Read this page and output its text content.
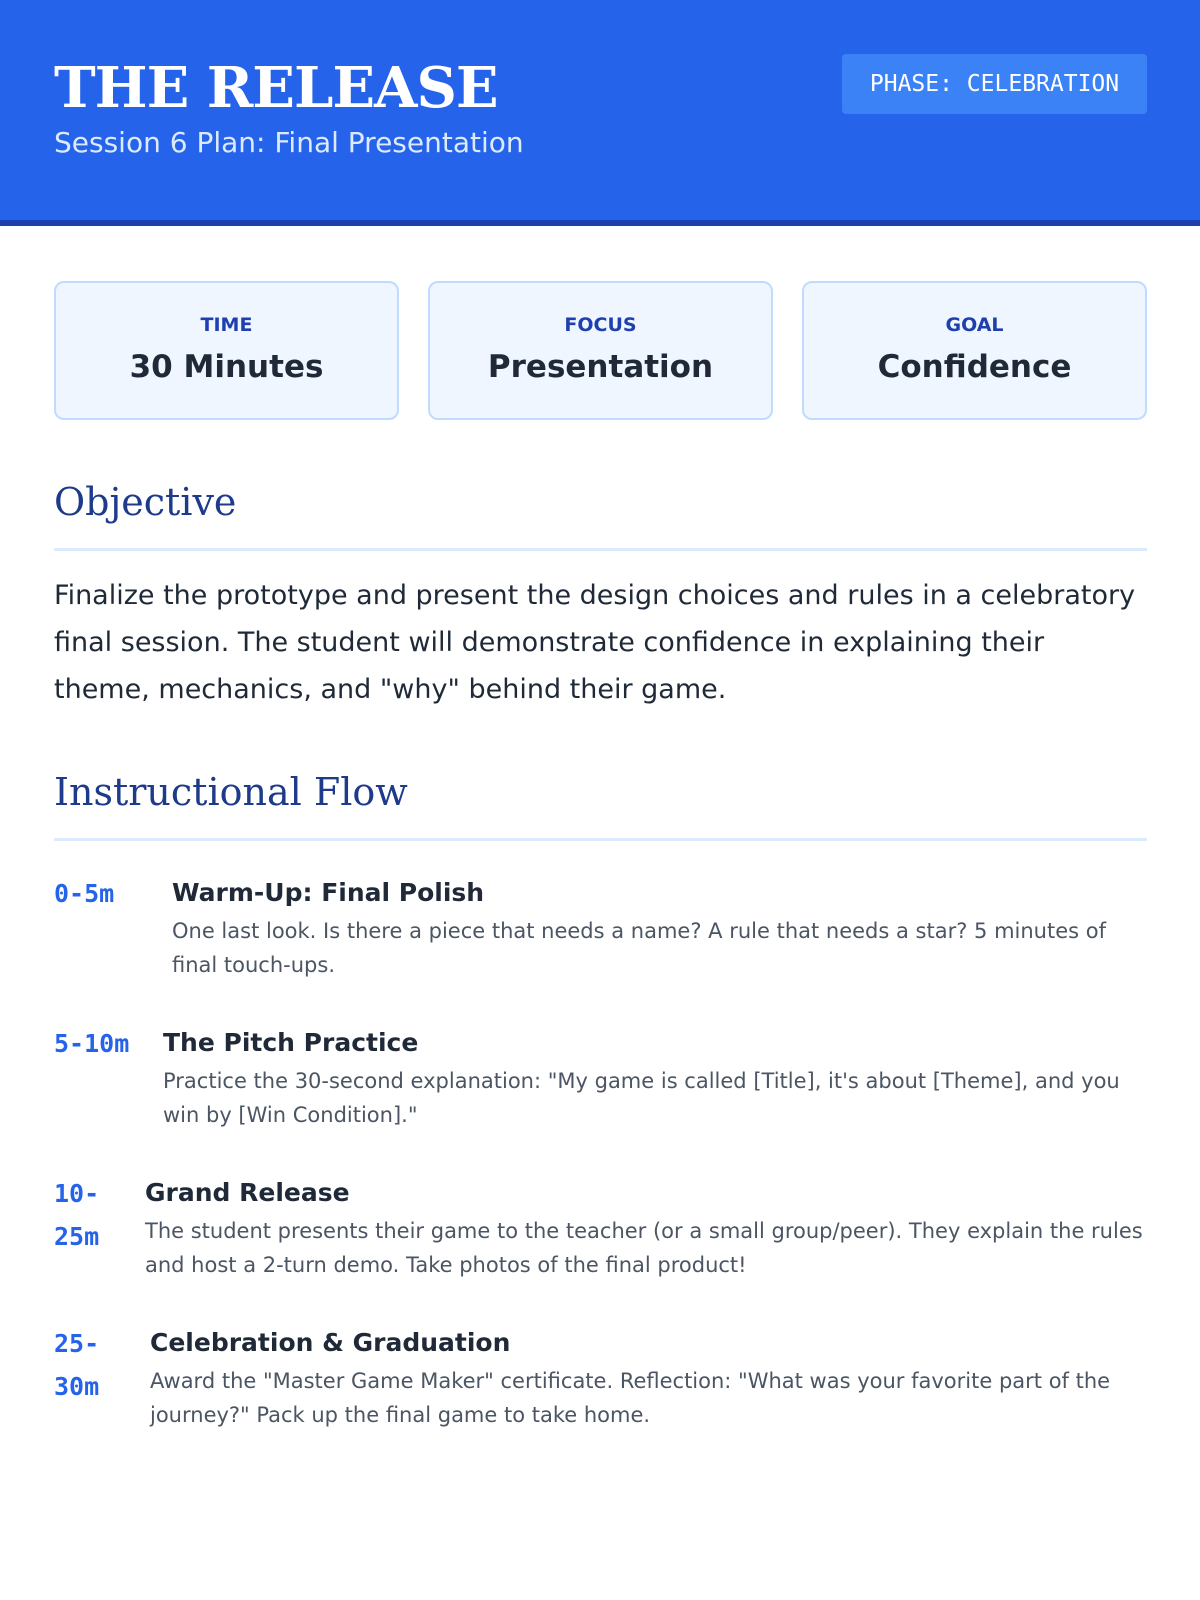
THE RELEASE
Session 6 Plan: Final Presentation
PHASE: CELEBRATION
TIME
30 Minutes
FOCUS
Presentation
GOAL
Confidence
Objective
Finalize the prototype and present the design choices and rules in a celebratory final session. The student will demonstrate confidence in explaining their theme, mechanics, and "why" behind their game.
Instructional Flow
0-5m	Warm-Up: Final Polish
One last look. Is there a piece that needs a name? A rule that needs a star? 5 minutes of final touch-ups.
5-10m	The Pitch Practice
Practice the 30-second explanation: "My game is called [Title], it's about [Theme], and you win by [Win Condition]."
10-25m
Grand Release
The student presents their game to the teacher (or a small group/peer). They explain the rules and host a 2-turn demo. Take photos of the final product!
25-30m
Celebration & Graduation
Award the "Master Game Maker" certificate. Reflection: "What was your favorite part of the journey?" Pack up the final game to take home.
